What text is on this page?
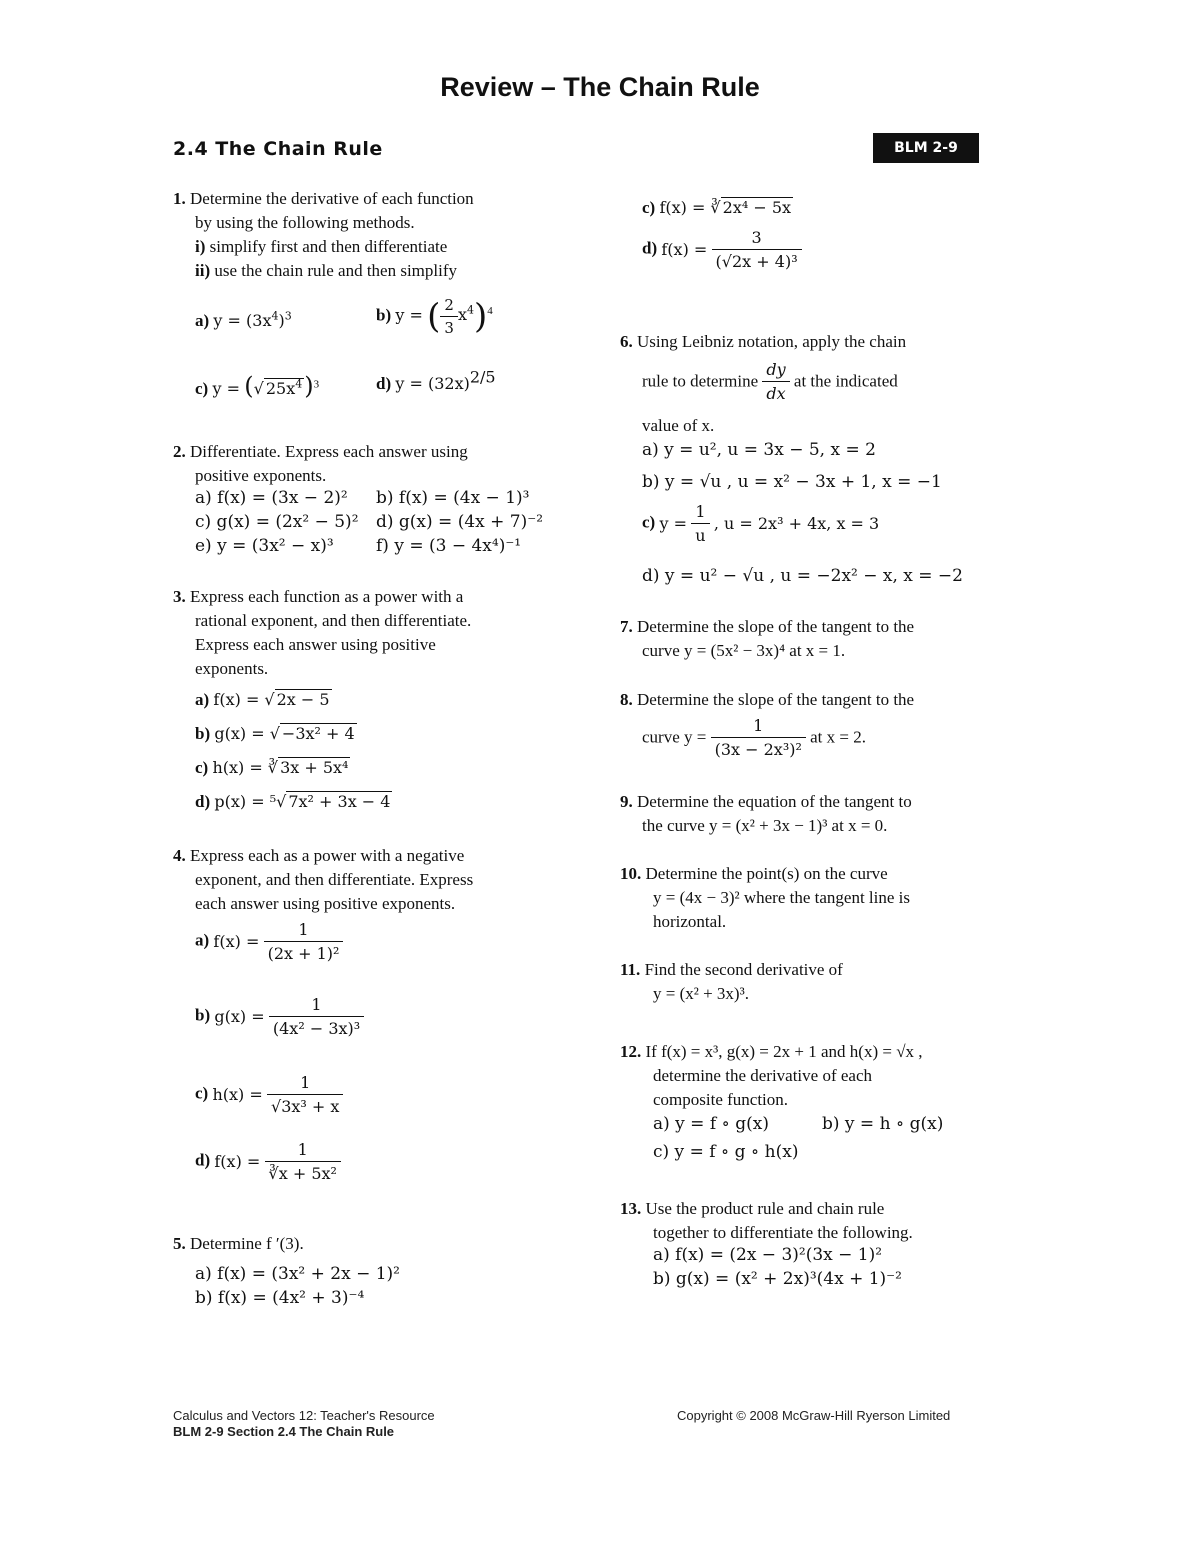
Review – The Chain Rule
2.4 The Chain Rule	BLM 2-9
1. Determine the derivative of each function
by using the following methods.
i) simplify first and then differentiate
ii) use the chain rule and then simplify
a) $y = (3x^4)^3$	b) y = ( $\frac{2}{3} x^4)^4$
c) y = (√ $25x^4)^3$	d) $y = (32x)^{2/5}$
2. Differentiate. Express each answer using
positive exponents.
a) f(x) = (3x − 2)² b) f(x) = (4x − 1)³
c) g(x) = (2x² − 5)² d) g(x) = (4x + 7)⁻²
e) y = (3x² − x)³ f) y = (3 − 4x⁴)⁻¹
3. Express each function as a power with a
rational exponent, and then differentiate.
Express each answer using positive
exponents.
a) f(x) = √ 2x − 5
b) g(x) = √ −3x² + 4
c) h(x) = ∛ 3x + 5x⁴
d) p(x) = ⁵√ 7x² + 3x − 4
4. Express each as a power with a negative
exponent, and then differentiate. Express
each answer using positive exponents.
a) $f(x) = \frac{1}{\text{(2x + 1)²}}$
b) $g(x) = \frac{1}{\text{(4x² − 3x)³}}$
c) $h(x) = \frac{1}{\text{√3x³ + x}}$
d) $f(x) = \frac{1}{\text{∛x + 5x²}}$
5. Determine f ′(3).
a) f(x) = (3x² + 2x − 1)²
b) f(x) = (4x² + 3)⁻⁴
c) f(x) = ∛ 2x⁴ − 5x
d) $f(x) = \frac{3}{\text{(√2x + 4)³}}$
6. Using Leibniz notation, apply the chain
rule to determine $\frac{dy}{dx}$ at the indicated
value of x.
a) y = u², u = 3x − 5, x = 2
b) y = √u , u = x² − 3x + 1, x = −1
c) $y = \frac{1}{u}$ , u = 2x³ + 4x, x = 3
d) y = u² − √u , u = −2x² − x, x = −2
7. Determine the slope of the tangent to the
curve y = (5x² − 3x)⁴ at x = 1.
8. Determine the slope of the tangent to the
curve $y = \frac{1}{\text{(3x − 2x³)²}}$ at x = 2.
9. Determine the equation of the tangent to
the curve y = (x² + 3x − 1)³ at x = 0.
10. Determine the point(s) on the curve
y = (4x − 3)² where the tangent line is
horizontal.
11. Find the second derivative of
y = (x² + 3x)³.
12. If f(x) = x³, g(x) = 2x + 1 and h(x) = √x ,
determine the derivative of each
composite function.
a) y = f ∘ g(x)	b) y = h ∘ g(x)
c) y = f ∘ g ∘ h(x)
13. Use the product rule and chain rule
together to differentiate the following.
a) f(x) = (2x − 3)²(3x − 1)²
b) g(x) = (x² + 2x)³(4x + 1)⁻²
Calculus and Vectors 12: Teacher's Resource
BLM 2-9 Section 2.4 The Chain Rule
Copyright © 2008 McGraw-Hill Ryerson Limited
